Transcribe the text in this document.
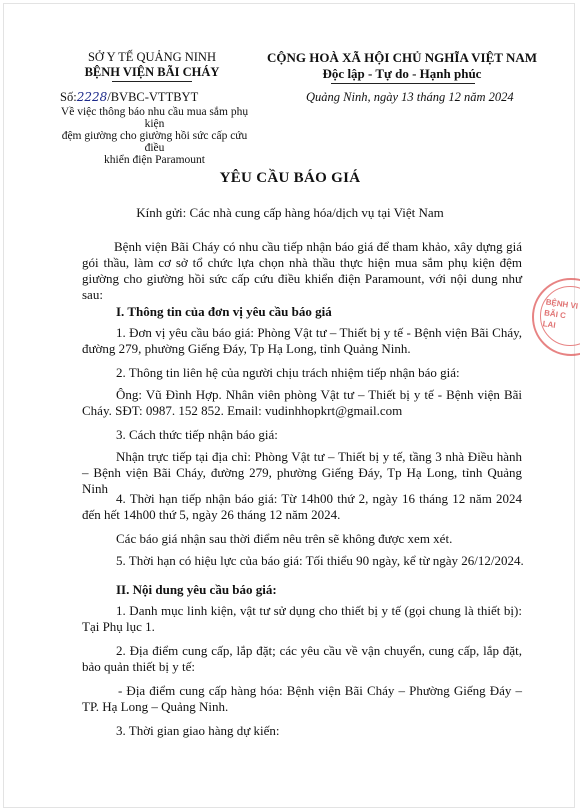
SỞ Y TẾ QUẢNG NINH
BỆNH VIỆN BÃI CHÁY
CỘNG HOÀ XÃ HỘI CHỦ NGHĨA VIỆT NAM
Độc lập - Tự do - Hạnh phúc
Số:2228/BVBC-VTTBYT
Về việc thông báo nhu cầu mua sắm phụ kiện
đệm giường cho giường hồi sức cấp cứu điều
khiển điện Paramount
Quảng Ninh, ngày 13 tháng 12 năm 2024
YÊU CẦU BÁO GIÁ
Kính gửi: Các nhà cung cấp hàng hóa/dịch vụ tại Việt Nam
Bệnh viện Bãi Cháy có nhu cầu tiếp nhận báo giá để tham khảo, xây dựng giá gói thầu, làm cơ sở tổ chức lựa chọn nhà thầu thực hiện mua sắm phụ kiện đệm giường cho giường hồi sức cấp cứu điều khiển điện Paramount, với nội dung như sau:
I. Thông tin của đơn vị yêu cầu báo giá
1. Đơn vị yêu cầu báo giá: Phòng Vật tư – Thiết bị y tế - Bệnh viện Bãi Cháy, đường 279, phường Giếng Đáy, Tp Hạ Long, tỉnh Quảng Ninh.
2. Thông tin liên hệ của người chịu trách nhiệm tiếp nhận báo giá:
Ông: Vũ Đình Hợp. Nhân viên phòng Vật tư – Thiết bị y tế - Bệnh viện Bãi Cháy. SĐT: 0987. 152 852. Email: vudinhhopkrt@gmail.com
3. Cách thức tiếp nhận báo giá:
Nhận trực tiếp tại địa chỉ: Phòng Vật tư – Thiết bị y tế, tầng 3 nhà Điều hành – Bệnh viện Bãi Cháy, đường 279, phường Giếng Đáy, Tp Hạ Long, tỉnh Quảng Ninh
4. Thời hạn tiếp nhận báo giá: Từ 14h00 thứ 2, ngày 16 tháng 12 năm 2024 đến hết 14h00 thứ 5, ngày 26 tháng 12 năm 2024.
Các báo giá nhận sau thời điểm nêu trên sẽ không được xem xét.
5. Thời hạn có hiệu lực của báo giá: Tối thiểu 90 ngày, kể từ ngày 26/12/2024.
II. Nội dung yêu cầu báo giá:
1. Danh mục linh kiện, vật tư sử dụng cho thiết bị y tế (gọi chung là thiết bị): Tại Phụ lục 1.
2. Địa điểm cung cấp, lắp đặt; các yêu cầu về vận chuyển, cung cấp, lắp đặt, bảo quản thiết bị y tế:
- Địa điểm cung cấp hàng hóa: Bệnh viện Bãi Cháy – Phường Giếng Đáy – TP. Hạ Long – Quảng Ninh.
3. Thời gian giao hàng dự kiến:
BỆNH VI
BÃI C
LAI
